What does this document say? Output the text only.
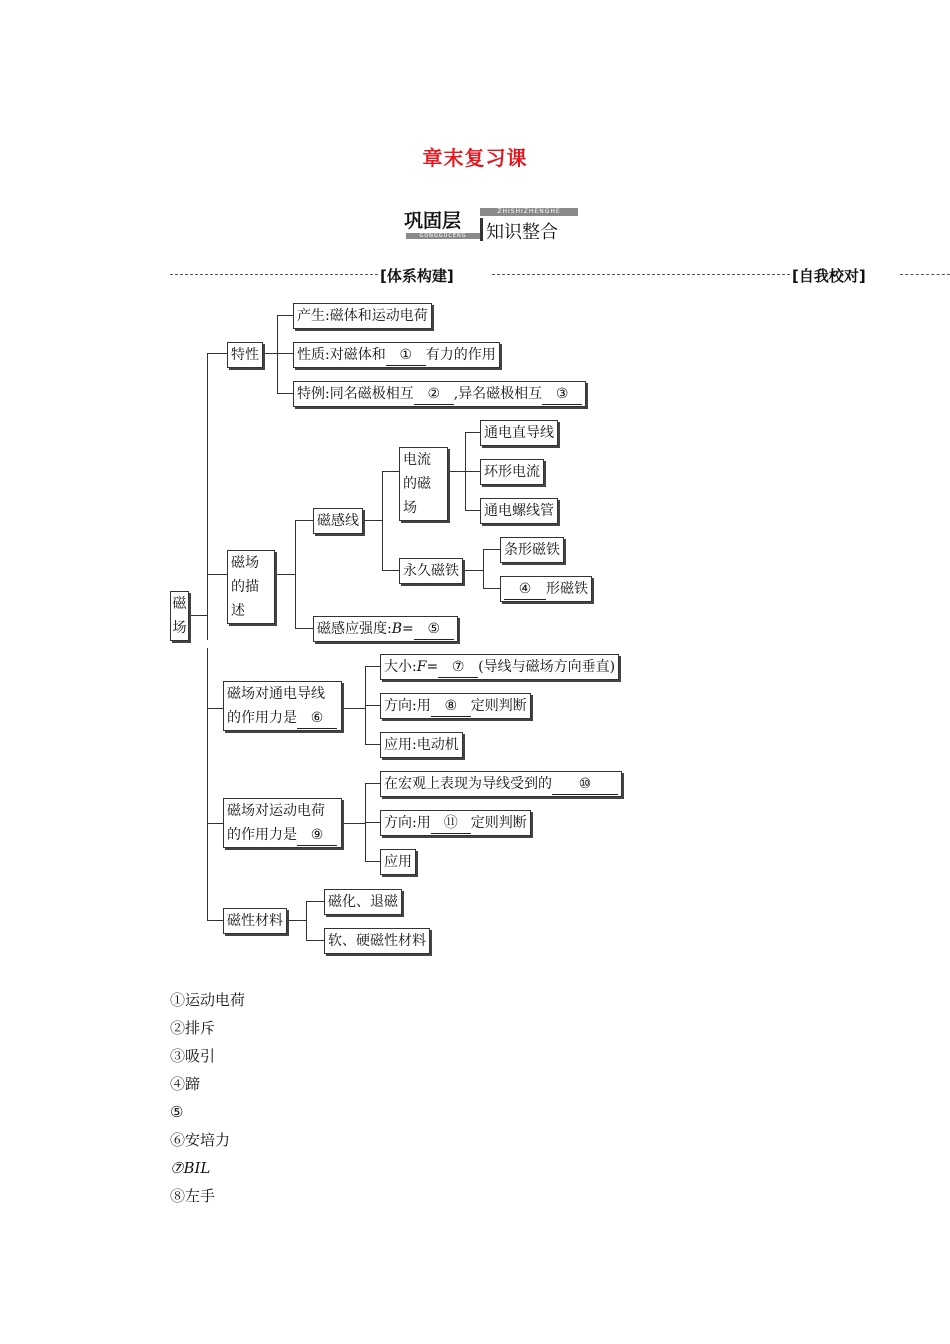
章末复习课
ZHISHIZHENGHE
巩固层
知识整合
GONGGUCENG
[体系构建]	[自我校对]
磁场
特性
产生:磁体和运动电荷
性质:对磁体和 ① 有力的作用
特例:同名磁极相互 ② ,异名磁极相互 ③
磁场的描述
磁感线
电流的磁场
通电直导线
环形电流
通电螺线管
永久磁铁
条形磁铁
④ 形磁铁
磁感应强度:B= ⑤
磁场对通电导线的作用力是 ⑥
大小:F= ⑦ (导线与磁场方向垂直)
方向:用 ⑧ 定则判断
应用:电动机
磁场对运动电荷的作用力是 ⑨
在宏观上表现为导线受到的 ⑩
方向:用 ⑪ 定则判断
应用
磁性材料
磁化、退磁
软、硬磁性材料
①运动电荷
②排斥
③吸引
④蹄
⑤
⑥安培力
⑦BIL
⑧左手
